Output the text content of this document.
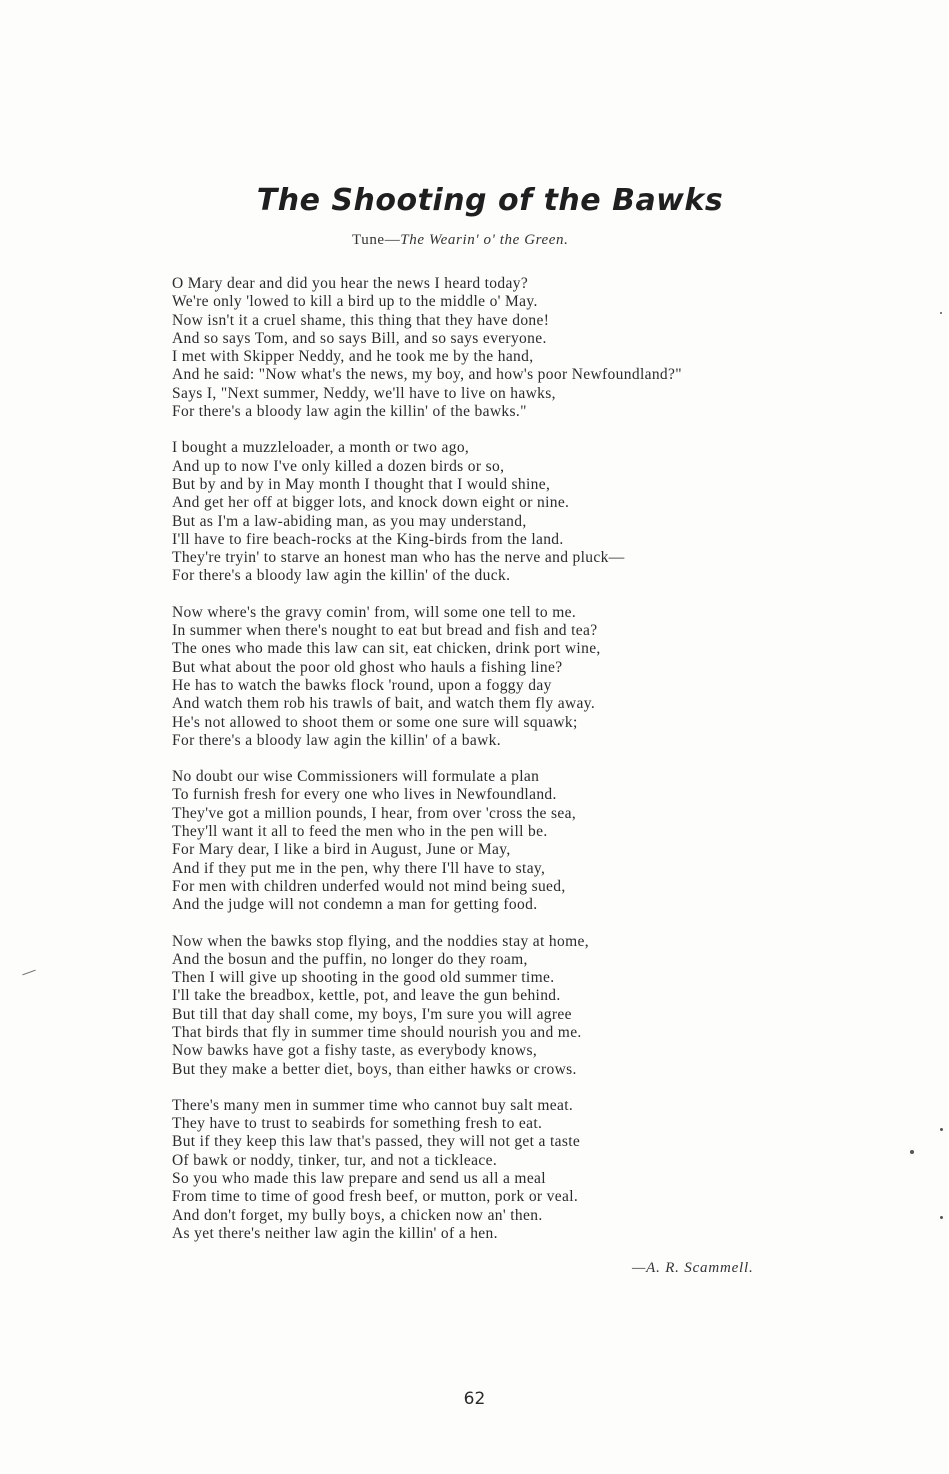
The Shooting of the Bawks
Tune—The Wearin' o' the Green.
O Mary dear and did you hear the news I heard today?
We're only 'lowed to kill a bird up to the middle o' May.
Now isn't it a cruel shame, this thing that they have done!
And so says Tom, and so says Bill, and so says everyone.
I met with Skipper Neddy, and he took me by the hand,
And he said: "Now what's the news, my boy, and how's poor Newfoundland?"
Says I, "Next summer, Neddy, we'll have to live on hawks,
For there's a bloody law agin the killin' of the bawks."
I bought a muzzleloader, a month or two ago,
And up to now I've only killed a dozen birds or so,
But by and by in May month I thought that I would shine,
And get her off at bigger lots, and knock down eight or nine.
But as I'm a law-abiding man, as you may understand,
I'll have to fire beach-rocks at the King-birds from the land.
They're tryin' to starve an honest man who has the nerve and pluck—
For there's a bloody law agin the killin' of the duck.
Now where's the gravy comin' from, will some one tell to me.
In summer when there's nought to eat but bread and fish and tea?
The ones who made this law can sit, eat chicken, drink port wine,
But what about the poor old ghost who hauls a fishing line?
He has to watch the bawks flock 'round, upon a foggy day
And watch them rob his trawls of bait, and watch them fly away.
He's not allowed to shoot them or some one sure will squawk;
For there's a bloody law agin the killin' of a bawk.
No doubt our wise Commissioners will formulate a plan
To furnish fresh for every one who lives in Newfoundland.
They've got a million pounds, I hear, from over 'cross the sea,
They'll want it all to feed the men who in the pen will be.
For Mary dear, I like a bird in August, June or May,
And if they put me in the pen, why there I'll have to stay,
For men with children underfed would not mind being sued,
And the judge will not condemn a man for getting food.
Now when the bawks stop flying, and the noddies stay at home,
And the bosun and the puffin, no longer do they roam,
Then I will give up shooting in the good old summer time.
I'll take the breadbox, kettle, pot, and leave the gun behind.
But till that day shall come, my boys, I'm sure you will agree
That birds that fly in summer time should nourish you and me.
Now bawks have got a fishy taste, as everybody knows,
But they make a better diet, boys, than either hawks or crows.
There's many men in summer time who cannot buy salt meat.
They have to trust to seabirds for something fresh to eat.
But if they keep this law that's passed, they will not get a taste
Of bawk or noddy, tinker, tur, and not a tickleace.
So you who made this law prepare and send us all a meal
From time to time of good fresh beef, or mutton, pork or veal.
And don't forget, my bully boys, a chicken now an' then.
As yet there's neither law agin the killin' of a hen.
—A. R. Scammell.
62
